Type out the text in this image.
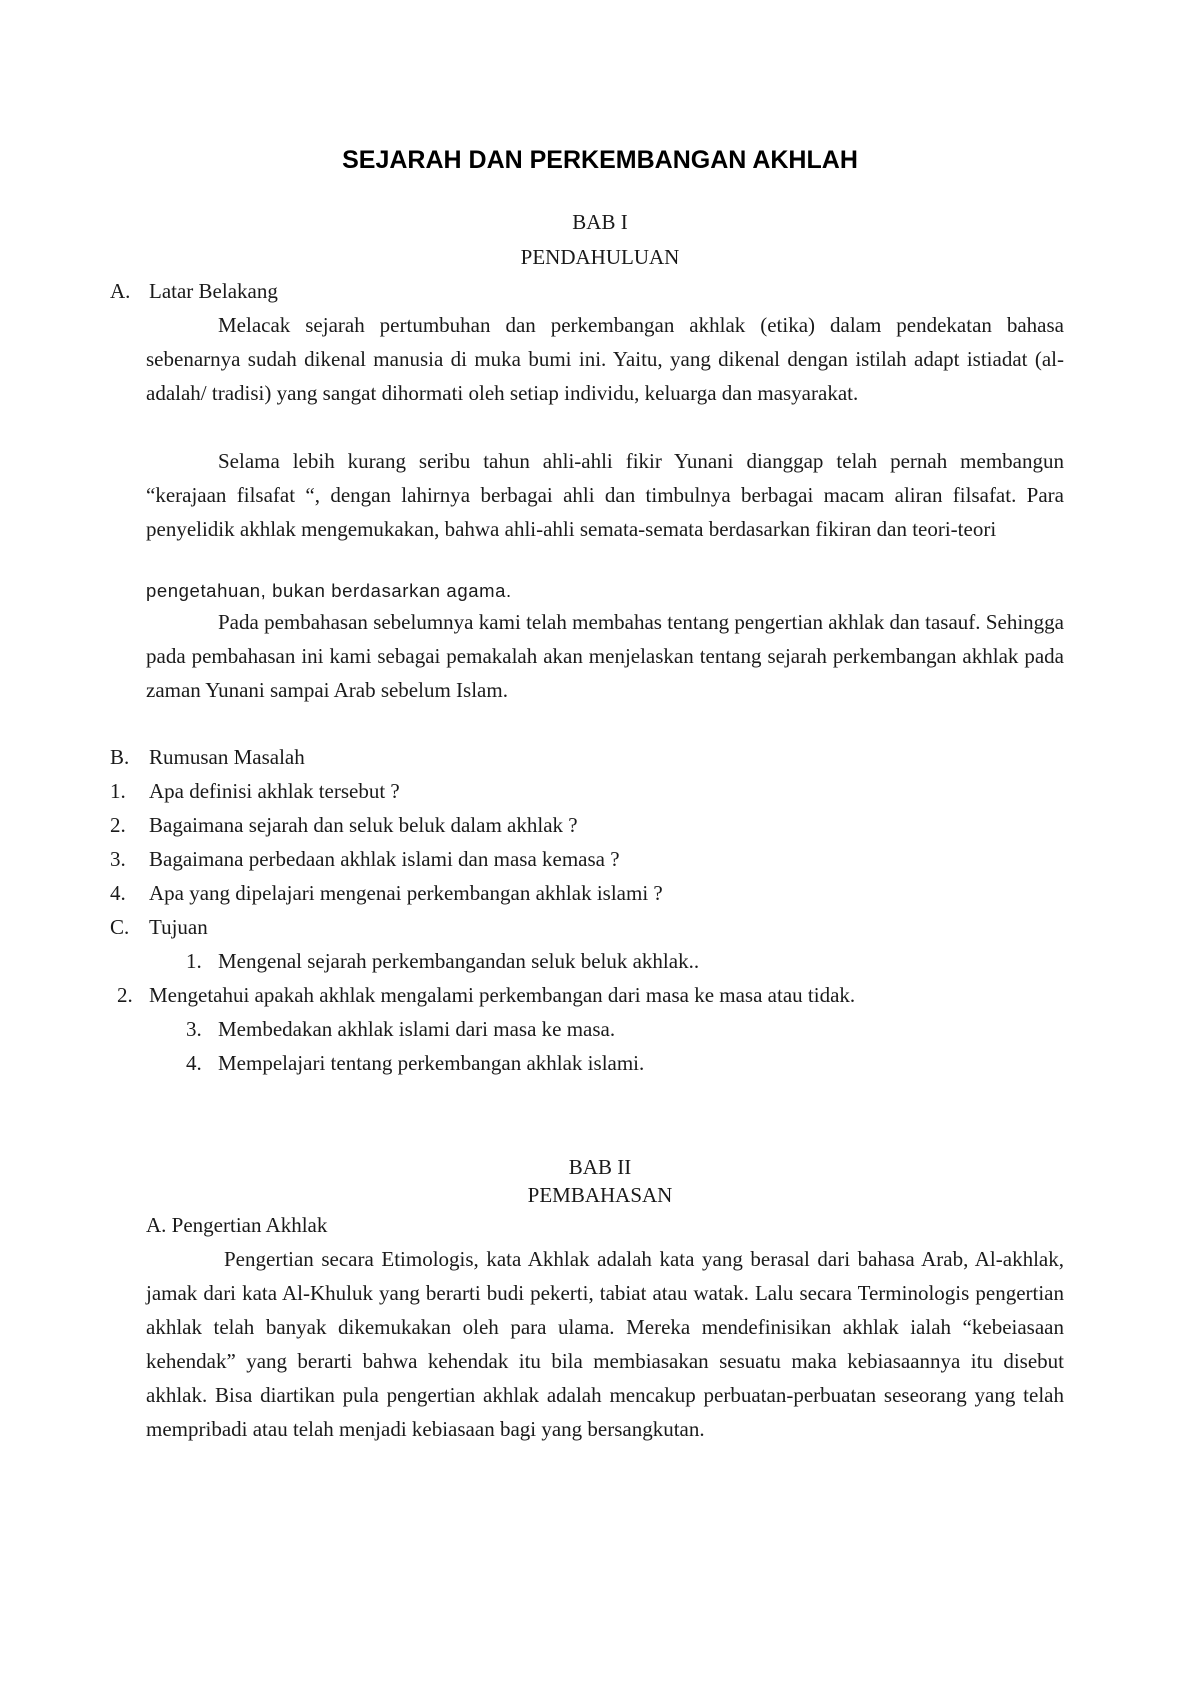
SEJARAH DAN PERKEMBANGAN AKHLAH
BAB I
PENDAHULUAN
A. Latar Belakang
Melacak sejarah pertumbuhan dan perkembangan akhlak (etika) dalam pendekatan bahasa sebenarnya sudah dikenal manusia di muka bumi ini. Yaitu, yang dikenal dengan istilah adapt istiadat (al-adalah/ tradisi) yang sangat dihormati oleh setiap individu, keluarga dan masyarakat.
Selama lebih kurang seribu tahun ahli-ahli fikir Yunani dianggap telah pernah membangun “kerajaan filsafat “, dengan lahirnya berbagai ahli dan timbulnya berbagai macam aliran filsafat. Para penyelidik akhlak mengemukakan, bahwa ahli-ahli semata-semata berdasarkan fikiran dan teori-teori
pengetahuan, bukan berdasarkan agama.
Pada pembahasan sebelumnya kami telah membahas tentang pengertian akhlak dan tasauf. Sehingga pada pembahasan ini kami sebagai pemakalah akan menjelaskan tentang sejarah perkembangan akhlak pada zaman Yunani sampai Arab sebelum Islam.
B. Rumusan Masalah
1. Apa definisi akhlak tersebut ?
2. Bagaimana sejarah dan seluk beluk dalam akhlak ?
3. Bagaimana perbedaan akhlak islami dan masa kemasa ?
4. Apa yang dipelajari mengenai perkembangan akhlak islami ?
C. Tujuan
1. Mengenal sejarah perkembangandan seluk beluk akhlak..
2. Mengetahui apakah akhlak mengalami perkembangan dari masa ke masa atau tidak.
3. Membedakan akhlak islami dari masa ke masa.
4. Mempelajari tentang perkembangan akhlak islami.
BAB II
PEMBAHASAN
A. Pengertian Akhlak
Pengertian secara Etimologis, kata Akhlak adalah kata yang berasal dari bahasa Arab, Al-akhlak, jamak dari kata Al-Khuluk yang berarti budi pekerti, tabiat atau watak. Lalu secara Terminologis pengertian akhlak telah banyak dikemukakan oleh para ulama. Mereka mendefinisikan akhlak ialah “kebeiasaan kehendak” yang berarti bahwa kehendak itu bila membiasakan sesuatu maka kebiasaannya itu disebut akhlak. Bisa diartikan pula pengertian akhlak adalah mencakup perbuatan-perbuatan seseorang yang telah mempribadi atau telah menjadi kebiasaan bagi yang bersangkutan.
